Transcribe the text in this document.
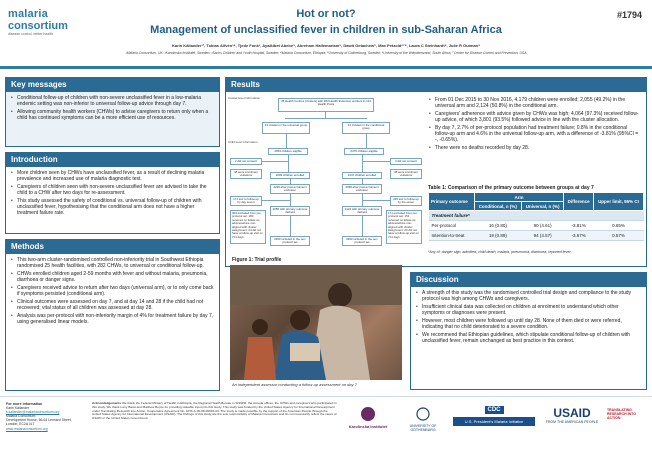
malaria
consortium
disease control, better health
Hot or not?
Management of unclassified fever in children in sub-Saharan Africa
#1794
Karin Källander¹², Tobias Alfvén³⁴, Tjede Funk³, Ayalkibet Abebe⁵, Abreham Hailemariam⁵, Dawit Getachew⁵, Max Petzold⁶⁷⁸, Laura C Steinhardt⁹, Julie R Gutman⁹
¹Malaria Consortium, UK; ²Karolinska Institutet, Sweden; ³Sachs Children and Youth hospital, Sweden; ⁴Malaria Consortium, Ethiopia; ⁵University of Gothenburg, Sweden; ⁶University of the Witwatersrand, South Africa; ⁷Center for Disease Control and Prevention, USA
Key messages
• Conditional follow-up of children with non-severe unclassified fever in a low-malaria endemic setting was non-inferior to universal follow-up advice through day 7.
• Allowing community health workers (CHWs) to advise caregivers to return only when a child has continued symptoms can be a more efficient use of resources.
Introduction
• More children seen by CHWs have unclassified fever, as a result of declining malaria prevalence and increased use of malaria diagnostic test.
• Caregivers of children seen with non-severe unclassified fever are advised to take the child to a CHW after two days for re-assessment.
• This study assessed the safety of conditional vs. universal follow-up of children with unclassified fever, hypothesising that the conditional arm does not have a higher treatment failure rate.
Methods
• This two-arm cluster-randomised controlled non-inferiority trial in Southwest Ethiopia randomised 25 health facilities, with 282 CHWs, to universal or conditional follow-up.
• CHWs enrolled children aged 2-59 months with fever and without malaria, pneumonia, diarrhoea or danger signs.
• Caregivers received advice to return after two days (universal arm), or to only come back if symptoms persisted (conditional arm).
• Clinical outcomes were assessed on day 7, and at day 14 and 28 if the child had not recovered; vital status of all children was assessed at day 28.
• Analysis was per-protocol with non-inferiority margin of 4% for treatment failure by day 7, using generalised linear models.
Results
• From 01 Dec 2015 to 30 Nov 2016, 4,179 children were enrolled; 2,055 (49.2%) in the universal arm and 2,124 (50.8%) in the conditional arm.
• Caregivers' adherence with advice given by CHWs was high; 4,064 (97.3%) received follow-up advice, of which 3,801 (93.5%) followed advice in line with the cluster allocation.
• By day 7, 2.7% of per-protocol population had treatment failure; 0.8% in the conditional follow-up arm and 4.6% in the universal follow-up arm, with a difference of -3.81% (95%CI = -, -0.65%).
• There were no deaths recorded by day 28.
Cluster level information
25 Health Centres (clusters) with 284 Health Extension workers in 144 Health Posts
13 clusters in the universal group	12 clusters in the conditional group
Child level information
2053 children eligible	2475 children eligible
2 did not consent	4 did not consent
48 were enrolment violations
38 were enrolment violations
2009 children enrolled	2447 children enrolled
2226 after post-enrolment exclusion
2368 after post-enrolment exclusion
171 lost to follow-up by day seven
245 lost to follow-up by the seven
2055 with primary outcome defined
2124 with primary outcome defined
304 excluded from per-protocol set: 180 received no follow-up advice/advice non-aligned with cluster assignment; 24 did not have a follow-up visit on 7±1 days
171 excluded from per-protocol set: 151 received no follow-up advice/advice non-aligned with cluster assignment; 20 did not have a follow-up visit on 7±1 days
1953 included in the per-protocol set
1993 included in the per-protocol set
Figure 1: Trial profile
Table 1: Comparison of the primary outcome between groups at day 7
Primary outcome	Arm		Difference	Upper limit, 95% CI
	Conditional, n (%)	Universal, n (%)		
Treatment failure*				
Per-protocol	16 (0.80)	90 (4.61)	-3.81%	0.65%
Intention-to-treat	19 (0.89)	94 (4.57)	-3.67%	0.57%
*Any of: danger sign, admitted, child death, malaria, pneumonia, diarrhoea, reported fever
An independent assessor conducting a follow-up assessment on day 7
Discussion
• A strength of this study was the randomised controlled trial design and compliance to the study protocol was high among CHWs and caregivers.
• Insufficient clinical data was collected on children at enrolment to understand which other symptoms or diagnoses were present.
• However, most children were followed up until day 28. None of them died or were referred, indicating that no child deteriorated to a severe condition.
• We recommend that Ethiopian guidelines, which stipulate conditional follow-up of children with unclassified fever, remain unchanged as best practice in this context.
For more information
Karin Källander
k.kallander@malariaconsortium.org
Malaria Consortium
Development House, 56-64 Leonard Street,
London, EC2A 4LT
www.malariaconsortium.org
Acknowledgements We thank the Federal Ministry of Health in Ethiopia, the Regional Health Bureau in SNNPR, the woreda offices, the CHWs and caregivers who participated in this study. We thank Larry Barat and Matthew Boyce for providing valuable input into this study. This study was funded by the United States Agency for International Development under Translating Research into Action, Cooperative Agreement No. GHS-A-00-09-00015-00. The study is made possible by the support of the American People through the United States Agency for International Development (USAID). The findings of this study are the sole responsibility of Malaria Consortium and do not necessarily reflect the views of USAID or the United States Government.
Karolinska Institutet	UNIVERSITY OF GOTHENBURG
CDC
U.S. President's Malaria Initiative
USAID
FROM THE AMERICAN PEOPLE
TRANSLATING RESEARCH INTO ACTION
